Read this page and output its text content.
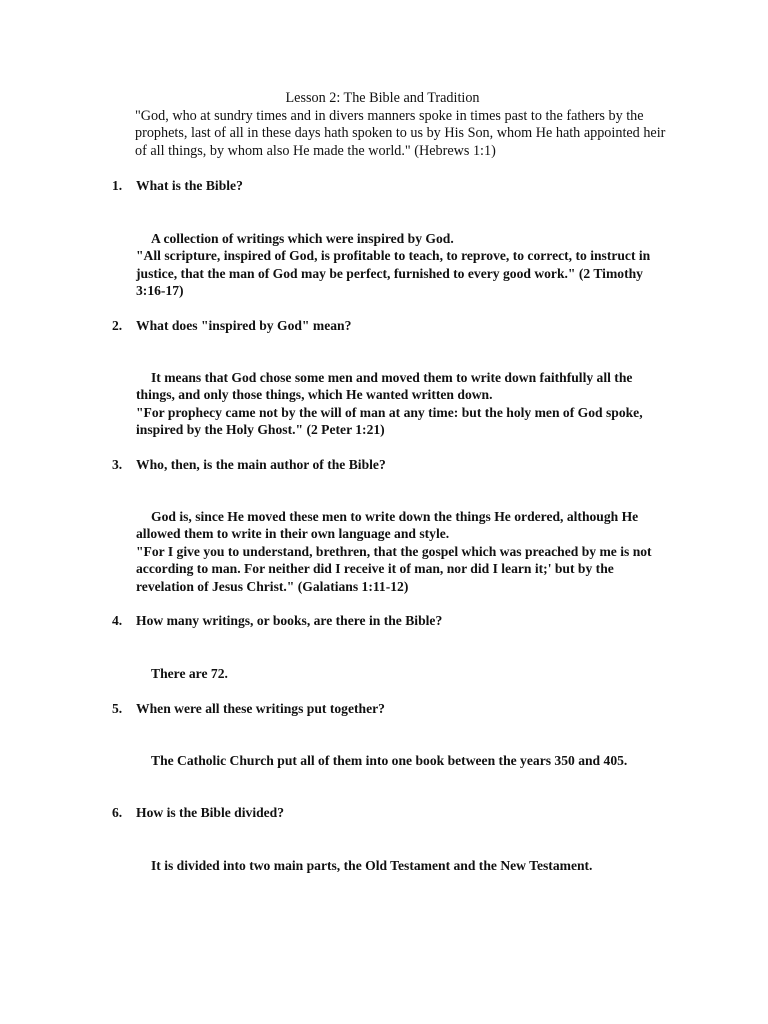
Lesson 2: The Bible and Tradition
"God, who at sundry times and in divers manners spoke in times past to the fathers by the prophets, last of all in these days hath spoken to us by His Son, whom He hath appointed heir of all things, by whom also He made the world." (Hebrews 1:1)
1. What is the Bible?
A collection of writings which were inspired by God.
"All scripture, inspired of God, is profitable to teach, to reprove, to correct, to instruct in justice, that the man of God may be perfect, furnished to every good work." (2 Timothy 3:16-17)
2. What does "inspired by God" mean?
It means that God chose some men and moved them to write down faithfully all the things, and only those things, which He wanted written down.
"For prophecy came not by the will of man at any time: but the holy men of God spoke, inspired by the Holy Ghost." (2 Peter 1:21)
3. Who, then, is the main author of the Bible?
God is, since He moved these men to write down the things He ordered, although He allowed them to write in their own language and style.
"For I give you to understand, brethren, that the gospel which was preached by me is not according to man. For neither did I receive it of man, nor did I learn it;' but by the revelation of Jesus Christ." (Galatians 1:11-12)
4. How many writings, or books, are there in the Bible?
There are 72.
5. When were all these writings put together?
The Catholic Church put all of them into one book between the years 350 and 405.
6. How is the Bible divided?
It is divided into two main parts, the Old Testament and the New Testament.
